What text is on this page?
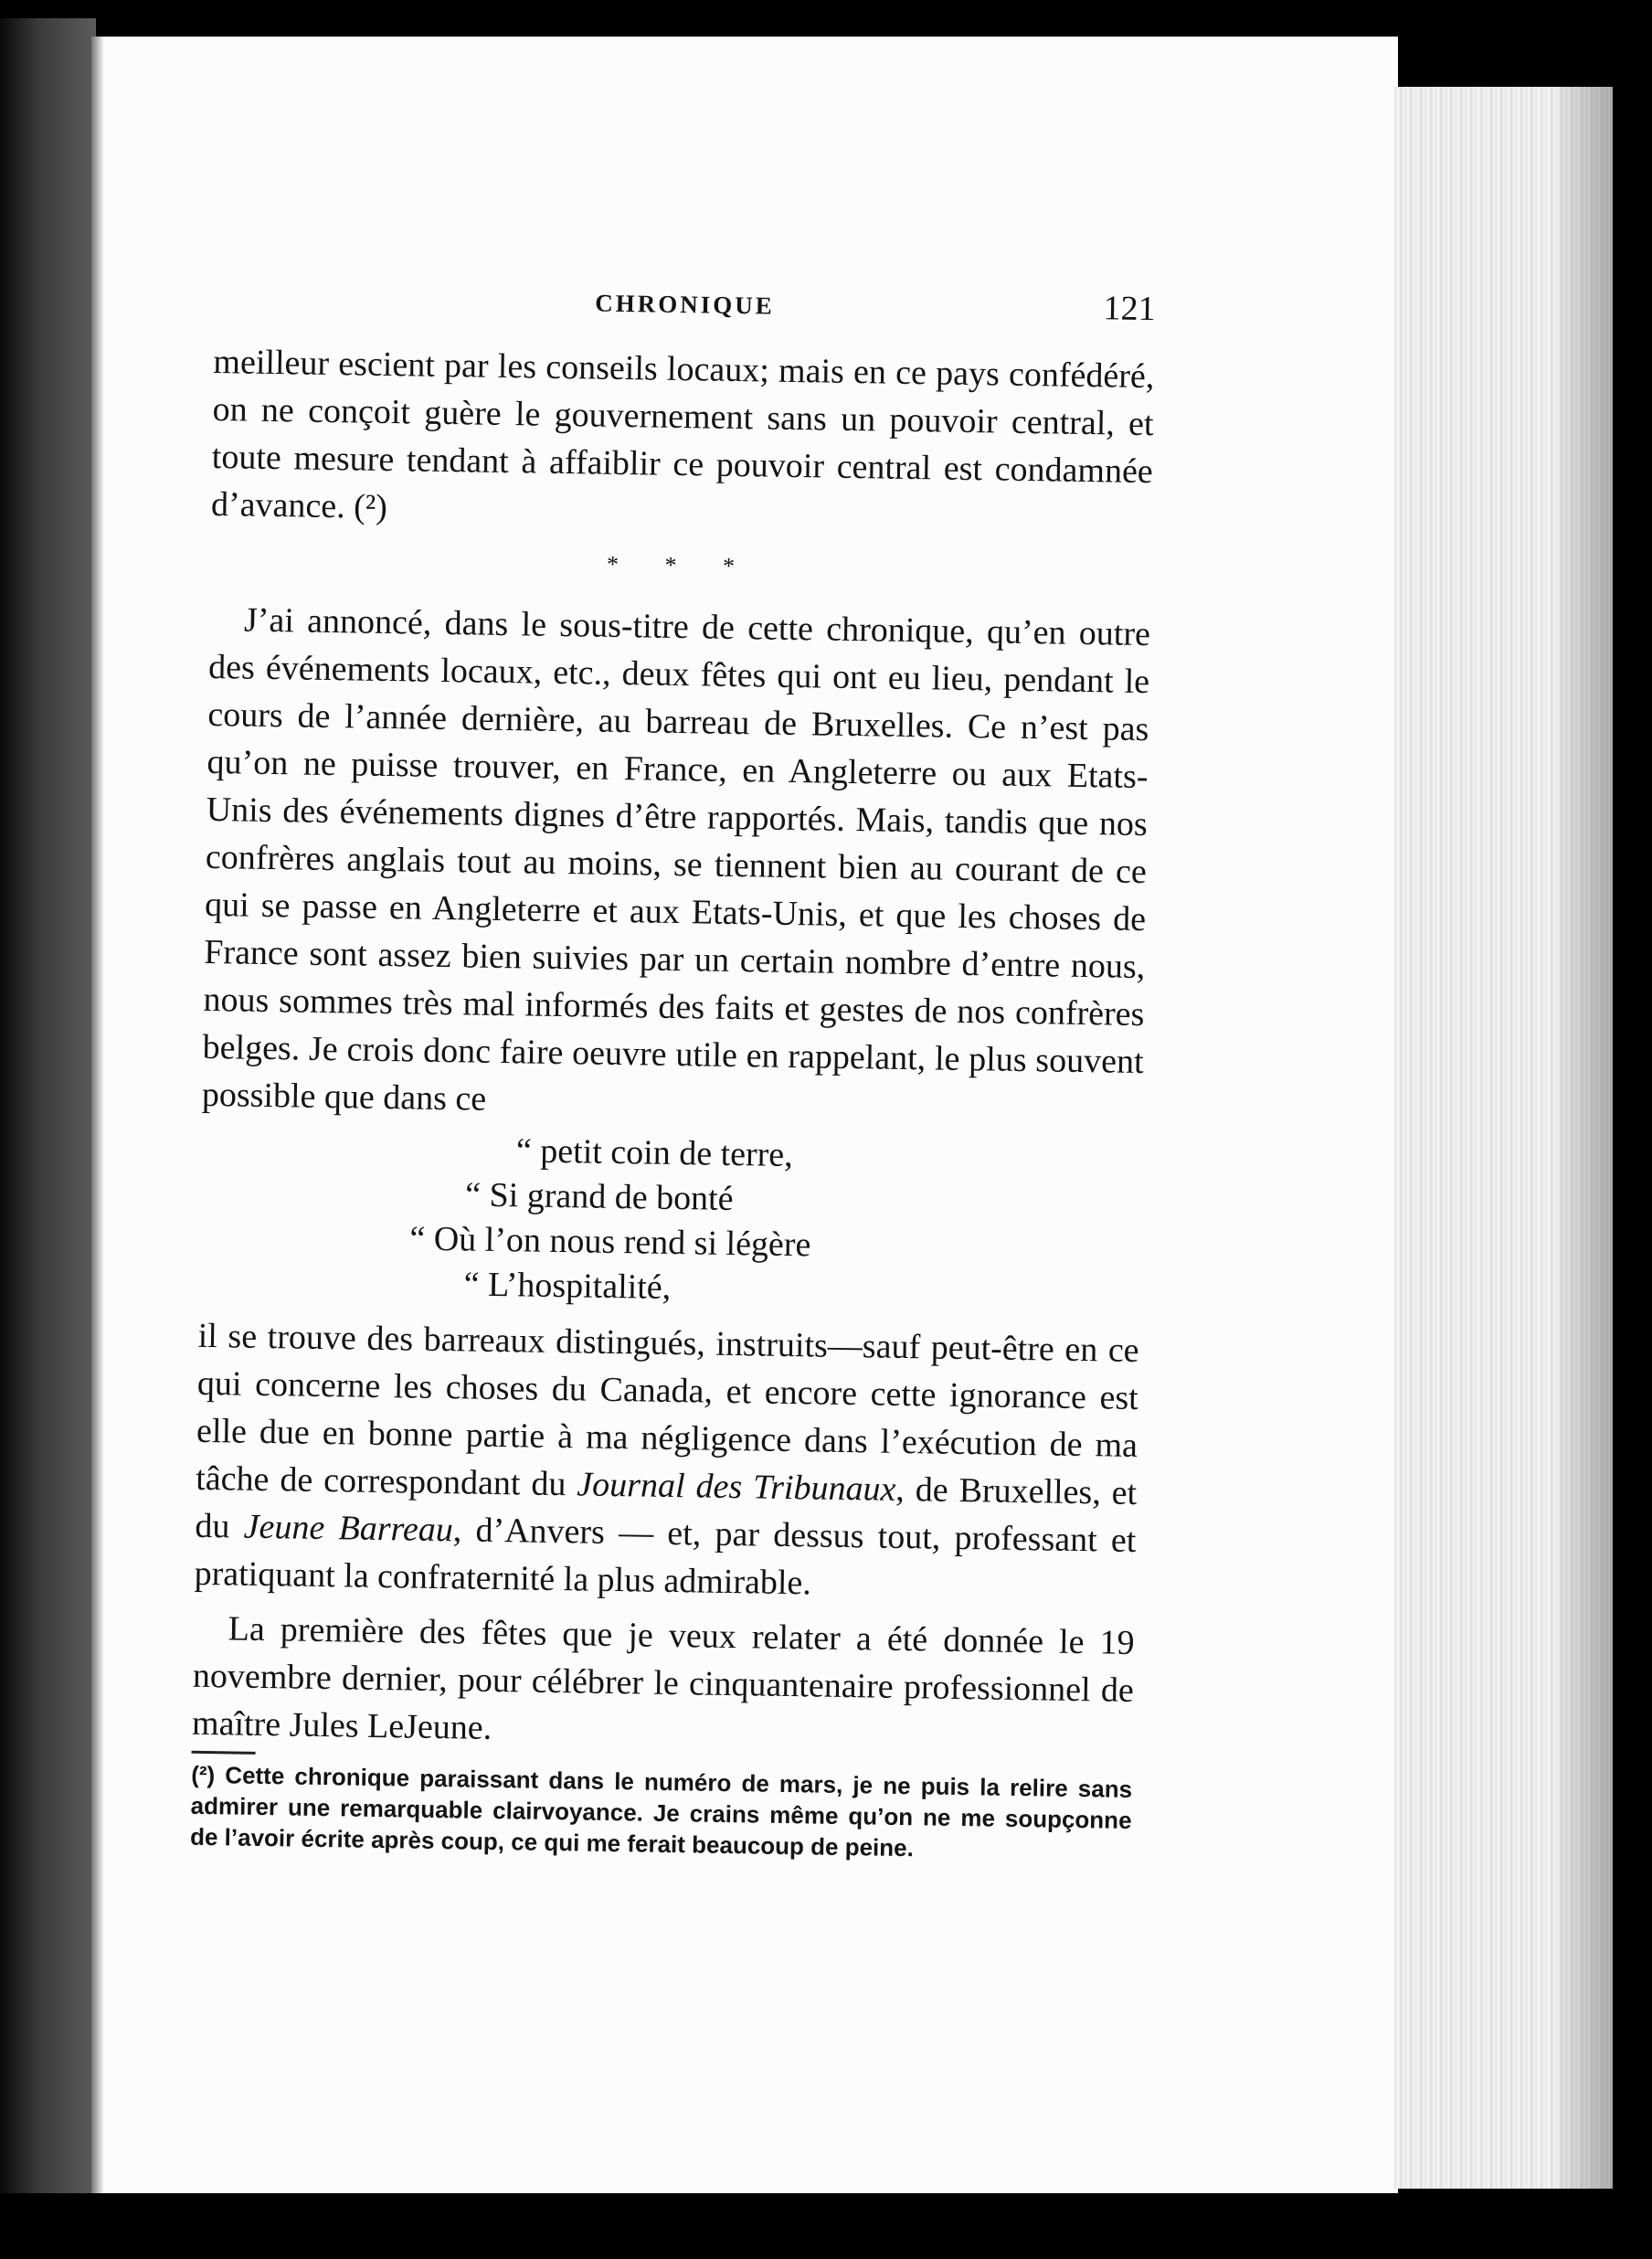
CHRONIQUE	121

meilleur escient par les conseils locaux; mais en ce pays confédéré, on ne conçoit guère le gouvernement sans un pouvoir central, et toute mesure tendant à affaiblir ce pouvoir central est condamnée d’avance. (²)

* * *

J’ai annoncé, dans le sous-titre de cette chronique, qu’en outre des événements locaux, etc., deux fêtes qui ont eu lieu, pendant le cours de l’année dernière, au barreau de Bruxelles. Ce n’est pas qu’on ne puisse trouver, en France, en Angleterre ou aux Etats-Unis des événements dignes d’être rapportés. Mais, tandis que nos confrères anglais tout au moins, se tiennent bien au courant de ce qui se passe en Angleterre et aux Etats-Unis, et que les choses de France sont assez bien suivies par un certain nombre d’entre nous, nous sommes très mal informés des faits et gestes de nos confrères belges. Je crois donc faire oeuvre utile en rappelant, le plus souvent possible que dans ce

“ petit coin de terre,
“ Si grand de bonté
“ Où l’on nous rend si légère
“ L’hospitalité,

il se trouve des barreaux distingués, instruits—sauf peut-être en ce qui concerne les choses du Canada, et encore cette ignorance est elle due en bonne partie à ma négligence dans l’exécution de ma tâche de correspondant du Journal des Tribunaux, de Bruxelles, et du Jeune Barreau, d’Anvers — et, par dessus tout, professant et pratiquant la confraternité la plus admirable.

La première des fêtes que je veux relater a été donnée le 19 novembre dernier, pour célébrer le cinquantenaire professionnel de maître Jules LeJeune.

(²) Cette chronique paraissant dans le numéro de mars, je ne puis la relire sans admirer une remarquable clairvoyance. Je crains même qu’on ne me soupçonne de l’avoir écrite après coup, ce qui me ferait beaucoup de peine.
